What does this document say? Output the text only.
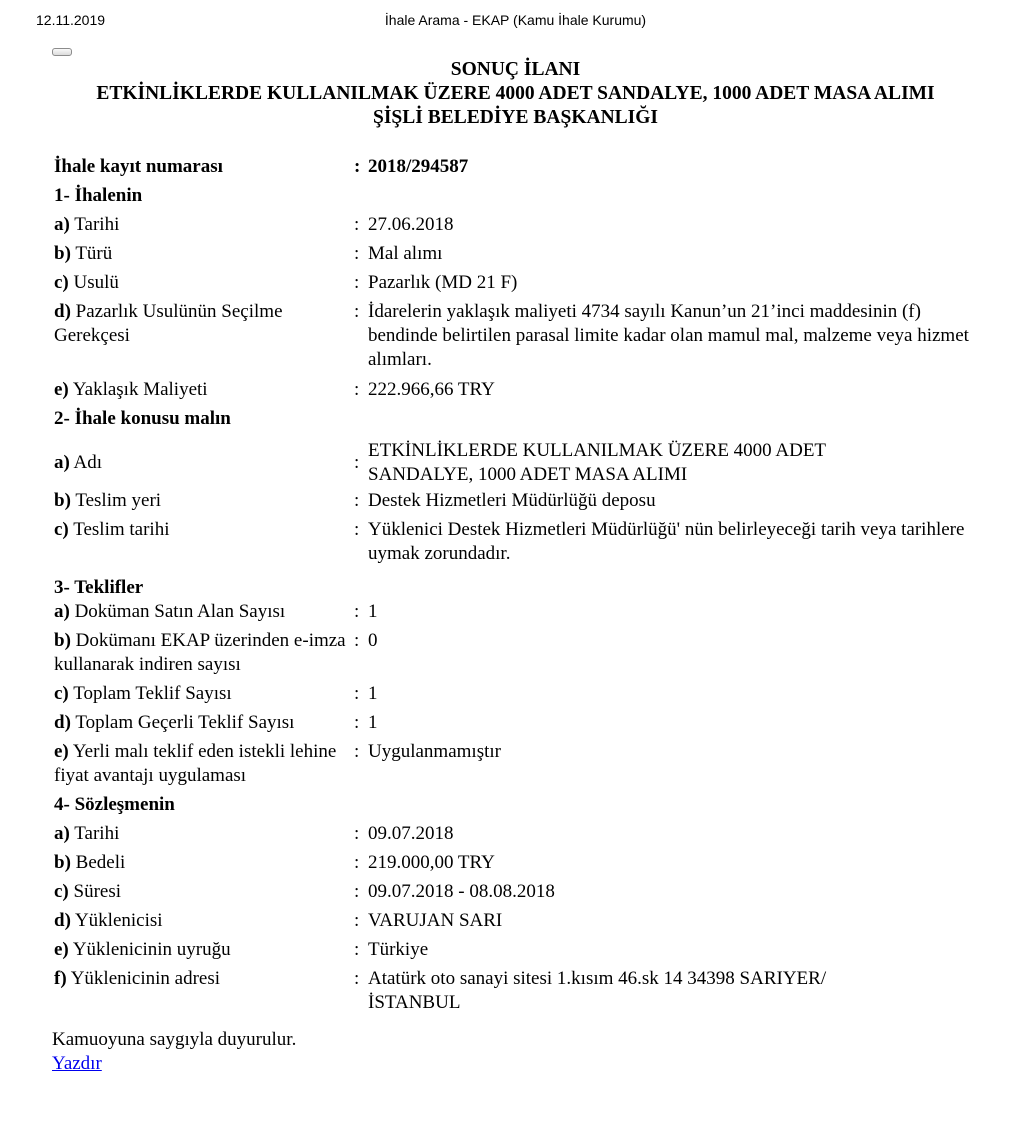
12.11.2019	İhale Arama - EKAP (Kamu İhale Kurumu)
SONUÇ İLANI
ETKİNLİKLERDE KULLANILMAK ÜZERE 4000 ADET SANDALYE, 1000 ADET MASA ALIMI
ŞİŞLİ BELEDİYE BAŞKANLIĞI
İhale kayıt numarası	:	2018/294587
1- İhalenin		
a) Tarihi	:	27.06.2018
b) Türü	:	Mal alımı
c) Usulü	:	Pazarlık (MD 21 F)
d) Pazarlık Usulünün Seçilme Gerekçesi	:	İdarelerin yaklaşık maliyeti 4734 sayılı Kanun’un 21’inci maddesinin (f) bendinde belirtilen parasal limite kadar olan mamul mal, malzeme veya hizmet alımları.
e) Yaklaşık Maliyeti	:	222.966,66 TRY
2- İhale konusu malın		
a) Adı	:	ETKİNLİKLERDE KULLANILMAK ÜZERE 4000 ADET SANDALYE, 1000 ADET MASA ALIMI
b) Teslim yeri	:	Destek Hizmetleri Müdürlüğü deposu
c) Teslim tarihi	:	Yüklenici Destek Hizmetleri Müdürlüğü' nün belirleyeceği tarih veya tarihlere uymak zorundadır.
3- Teklifler		
a) Doküman Satın Alan Sayısı	:	1
b) Dokümanı EKAP üzerinden e-imza kullanarak indiren sayısı	:	0
c) Toplam Teklif Sayısı	:	1
d) Toplam Geçerli Teklif Sayısı	:	1
e) Yerli malı teklif eden istekli lehine fiyat avantajı uygulaması	:	Uygulanmamıştır
4- Sözleşmenin		
a) Tarihi	:	09.07.2018
b) Bedeli	:	219.000,00 TRY
c) Süresi	:	09.07.2018 - 08.08.2018
d) Yüklenicisi	:	VARUJAN SARI
e) Yüklenicinin uyruğu	:	Türkiye
f) Yüklenicinin adresi	:	Atatürk oto sanayi sitesi 1.kısım 46.sk 14 34398 SARIYER/İSTANBUL
Kamuoyuna saygıyla duyurulur.
Yazdır
